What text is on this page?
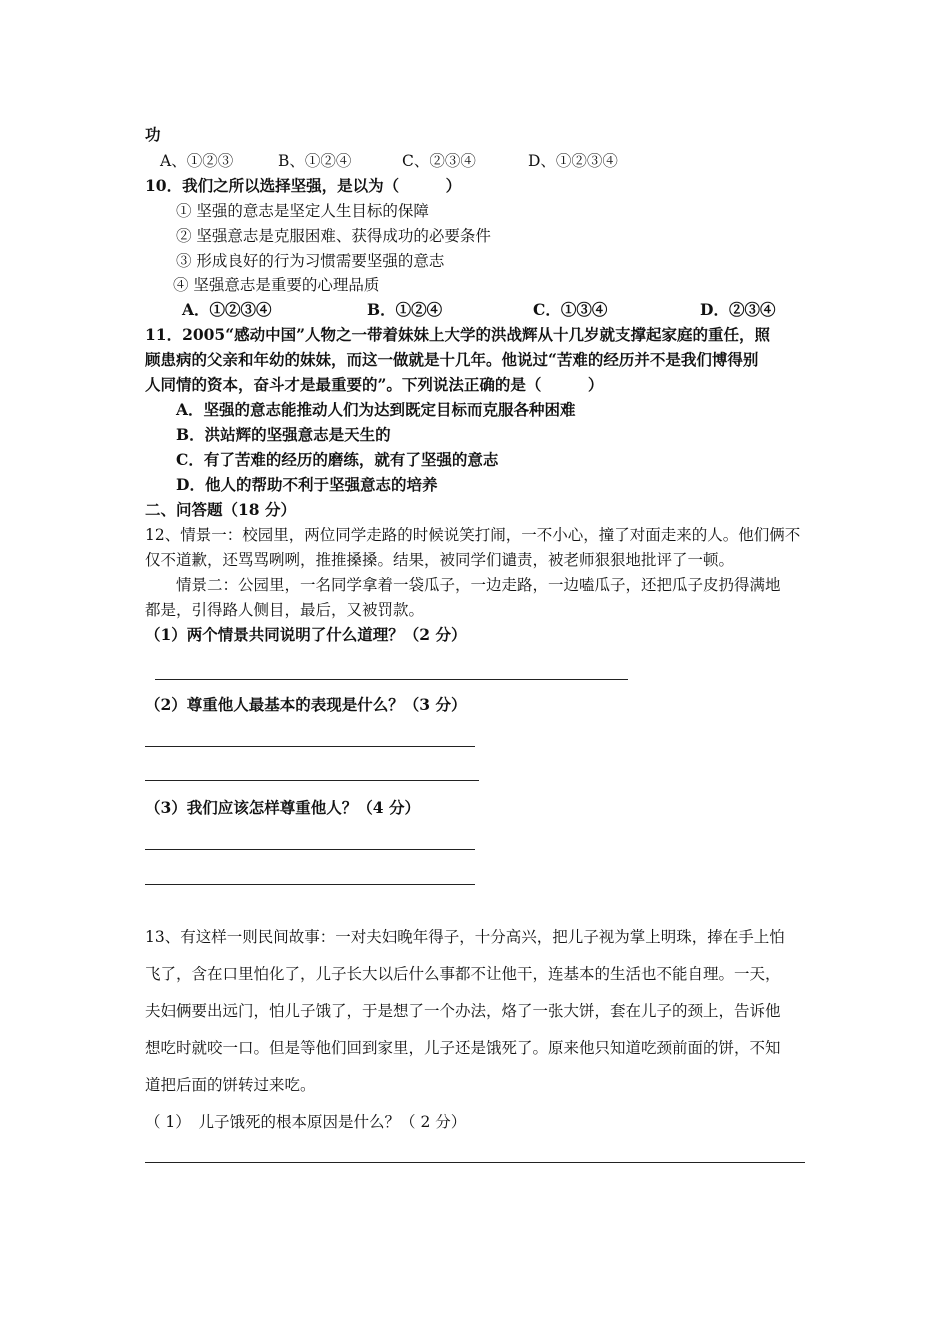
功
A、①②③	B、①②④	C、②③④	D、①②③④
10．我们之所以选择坚强，是以为（　　　）
① 坚强的意志是坚定人生目标的保障
② 坚强意志是克服困难、获得成功的必要条件
③ 形成良好的行为习惯需要坚强的意志
④ 坚强意志是重要的心理品质
A．①②③④	B．①②④	C．①③④	D．②③④
11．2005“感动中国”人物之一带着妹妹上大学的洪战辉从十几岁就支撑起家庭的重任，照
顾患病的父亲和年幼的妹妹，而这一做就是十几年。他说过“苦难的经历并不是我们博得别
人同情的资本，奋斗才是最重要的”。下列说法正确的是（　　　）
A．坚强的意志能推动人们为达到既定目标而克服各种困难
B．洪站辉的坚强意志是天生的
C．有了苦难的经历的磨练，就有了坚强的意志
D．他人的帮助不利于坚强意志的培养
二、问答题（18 分）
12、情景一：校园里，两位同学走路的时候说笑打闹，一不小心，撞了对面走来的人。他们俩不
仅不道歉，还骂骂咧咧，推推搡搡。结果，被同学们谴责，被老师狠狠地批评了一顿。
　　情景二：公园里，一名同学拿着一袋瓜子，一边走路，一边嗑瓜子，还把瓜子皮扔得满地
都是，引得路人侧目，最后，又被罚款。
（1）两个情景共同说明了什么道理？（2 分）
（2）尊重他人最基本的表现是什么？（3 分）
（3）我们应该怎样尊重他人？（4 分）
13、有这样一则民间故事：一对夫妇晚年得子，十分高兴，把儿子视为掌上明珠，捧在手上怕
飞了，含在口里怕化了，儿子长大以后什么事都不让他干，连基本的生活也不能自理。一天，
夫妇俩要出远门，怕儿子饿了，于是想了一个办法，烙了一张大饼，套在儿子的颈上，告诉他
想吃时就咬一口。但是等他们回到家里，儿子还是饿死了。原来他只知道吃颈前面的饼，不知
道把后面的饼转过来吃。
（ 1）　儿子饿死的根本原因是什么？（ 2 分）
